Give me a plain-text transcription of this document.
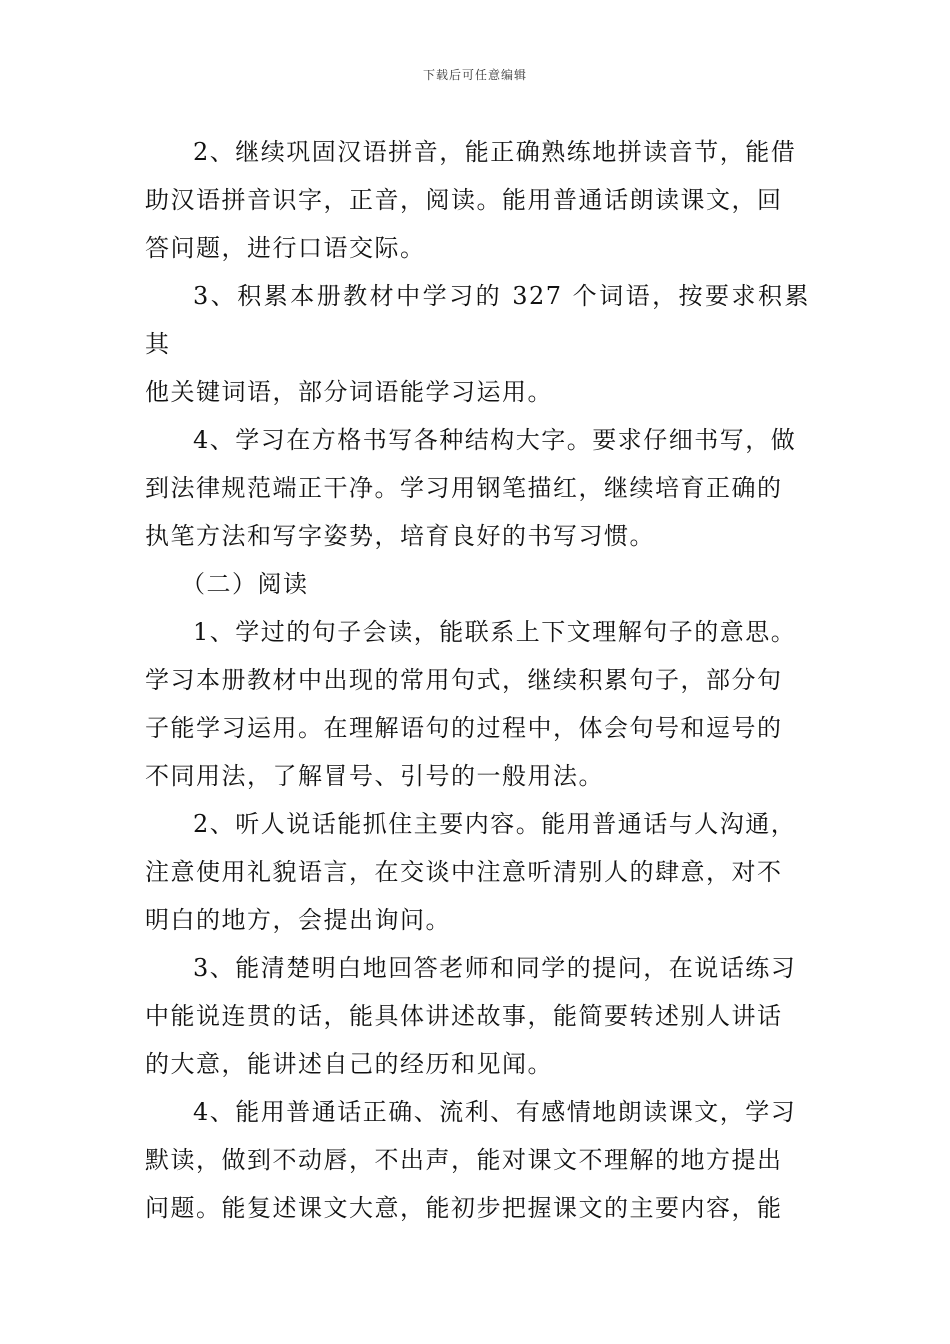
下载后可任意编辑
2、继续巩固汉语拼音，能正确熟练地拼读音节，能借
助汉语拼音识字，正音，阅读。能用普通话朗读课文，回
答问题，进行口语交际。
3、积累本册教材中学习的 327 个词语，按要求积累其
他关键词语，部分词语能学习运用。
4、学习在方格书写各种结构大字。要求仔细书写，做
到法律规范端正干净。学习用钢笔描红，继续培育正确的
执笔方法和写字姿势，培育良好的书写习惯。
（二）阅读
1、学过的句子会读，能联系上下文理解句子的意思。
学习本册教材中出现的常用句式，继续积累句子，部分句
子能学习运用。在理解语句的过程中，体会句号和逗号的
不同用法，了解冒号、引号的一般用法。
2、听人说话能抓住主要内容。能用普通话与人沟通，
注意使用礼貌语言，在交谈中注意听清别人的肆意，对不
明白的地方，会提出询问。
3、能清楚明白地回答老师和同学的提问，在说话练习
中能说连贯的话，能具体讲述故事，能简要转述别人讲话
的大意，能讲述自己的经历和见闻。
4、能用普通话正确、流利、有感情地朗读课文，学习
默读，做到不动唇，不出声，能对课文不理解的地方提出
问题。能复述课文大意，能初步把握课文的主要内容，能
